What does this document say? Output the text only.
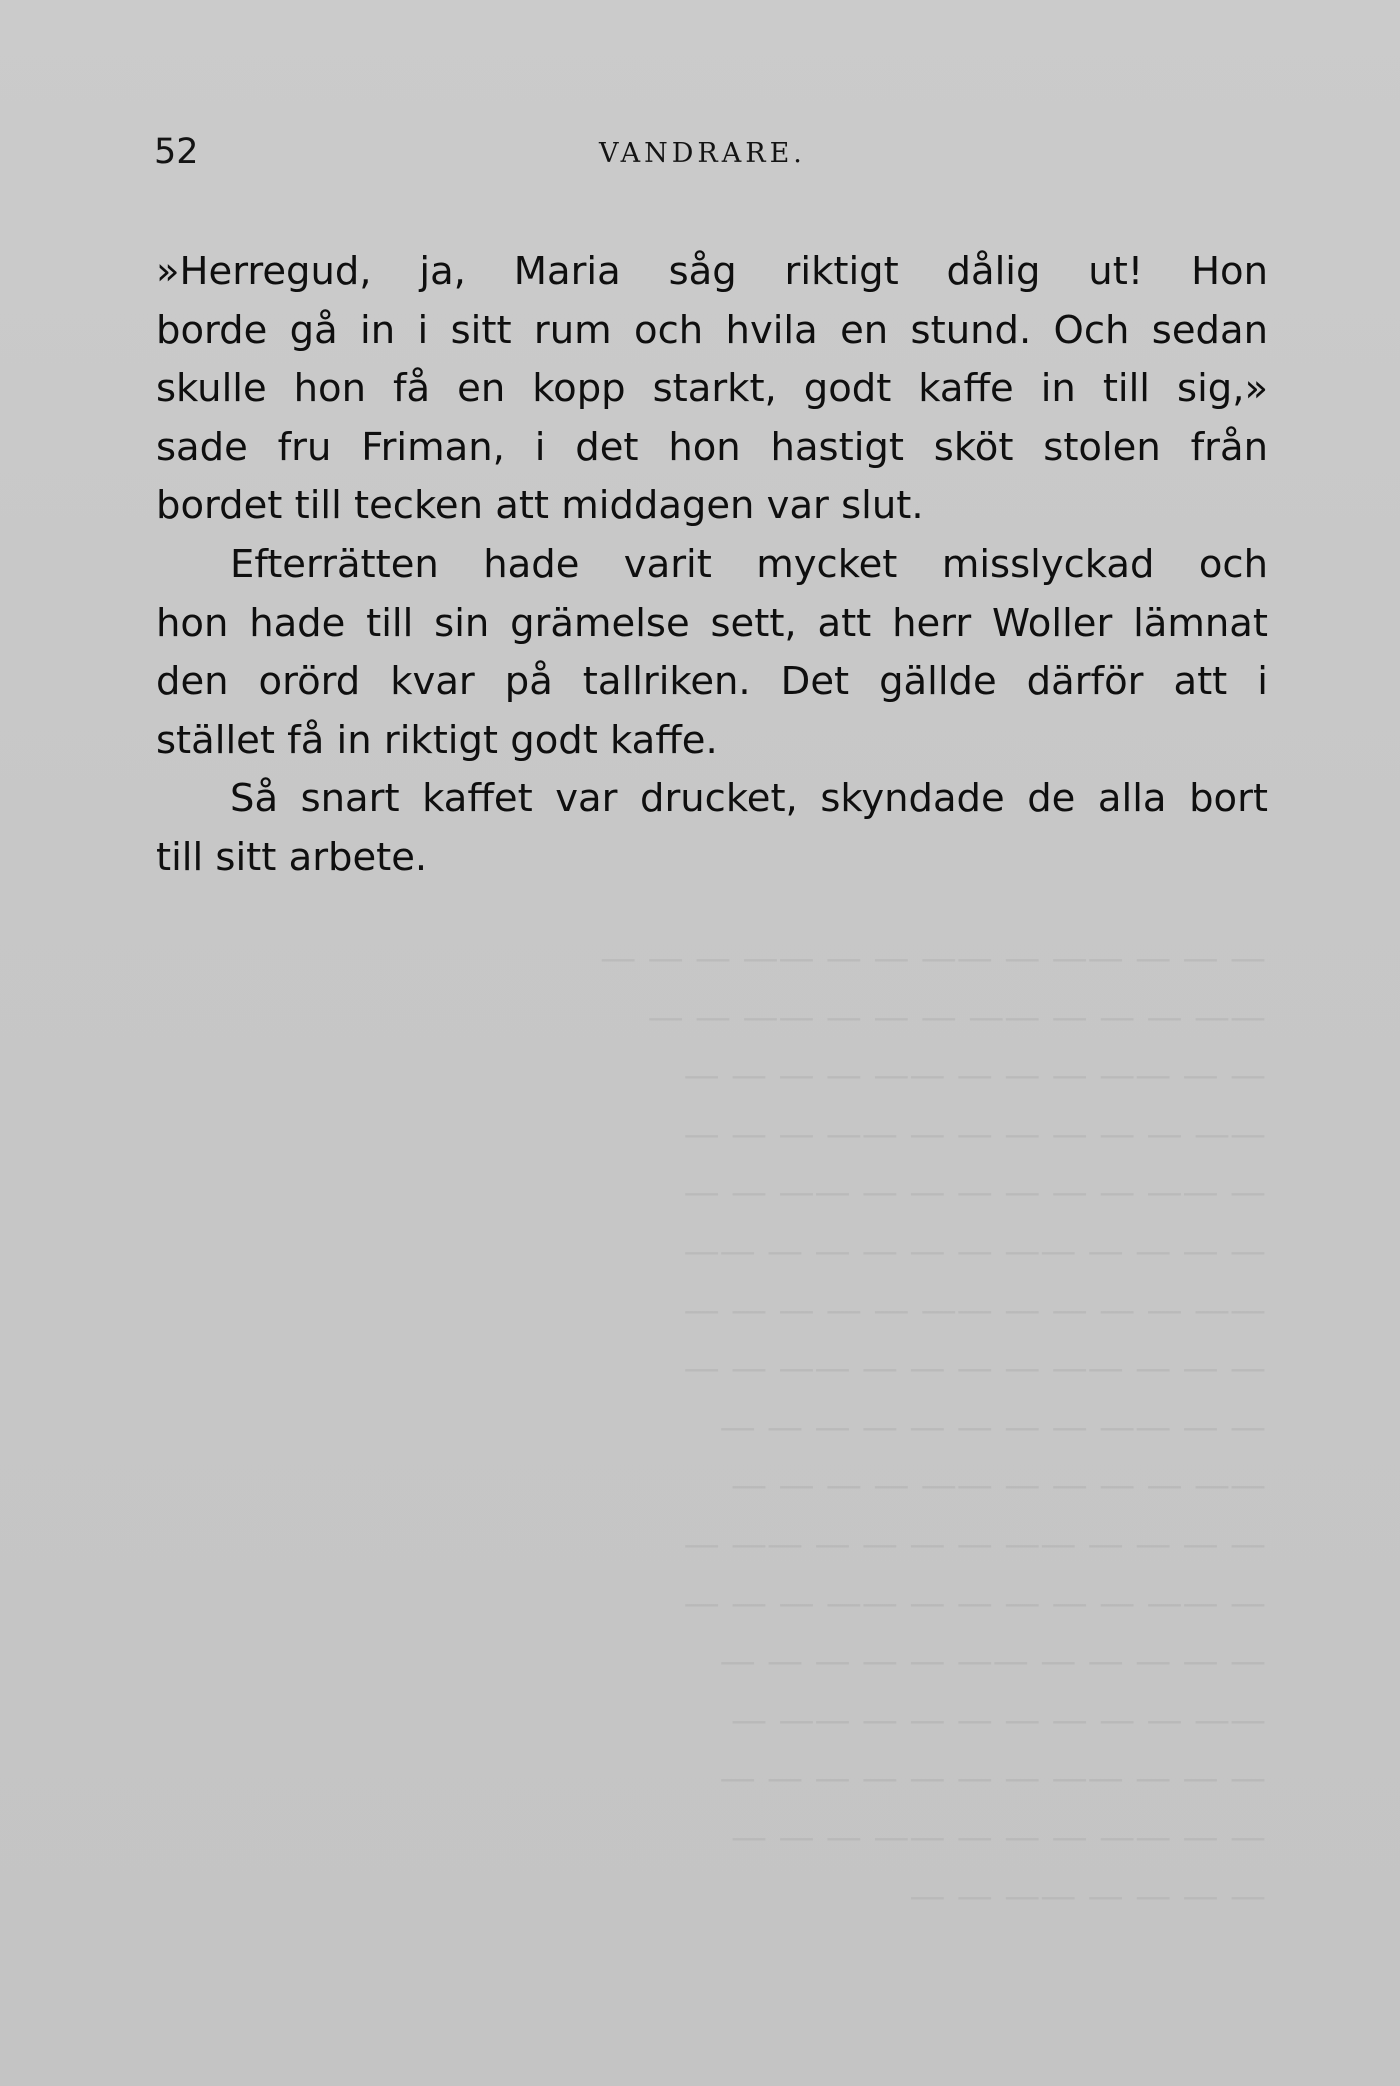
— — — —— — —— — — —— — — —
—— — — — —— — — — —— — —
— — —— — — — —— — — — —
—— — — — — — — —— — — —
— —— — — — — — — —— — —
— — — — —— — — — — — ——
—— — — — — —— — — — — —
— — — —— — — — — —— — —
— — —— — — — — — — — —
—— — — — — —— — — — —
— — — — —— — — — — —— —
— —— — — — — — —— — — —
— — — — — —— — — — — —
—— — — — — — — — —— —
— — — —— — — — — — — —
— — —— — — — —— — — —
— — — — —— — —
52	VANDRARE.
»Herregud, ja, Maria såg riktigt dålig ut! Hon
borde gå in i sitt rum och hvila en stund. Och sedan
skulle hon få en kopp starkt, godt kaffe in till sig,»
sade fru Friman, i det hon hastigt sköt stolen från
bordet till tecken att middagen var slut.
Efterrätten hade varit mycket misslyckad och
hon hade till sin grämelse sett, att herr Woller lämnat
den orörd kvar på tallriken. Det gällde därför att i
stället få in riktigt godt kaffe.
Så snart kaffet var drucket, skyndade de alla bort
till sitt arbete.
